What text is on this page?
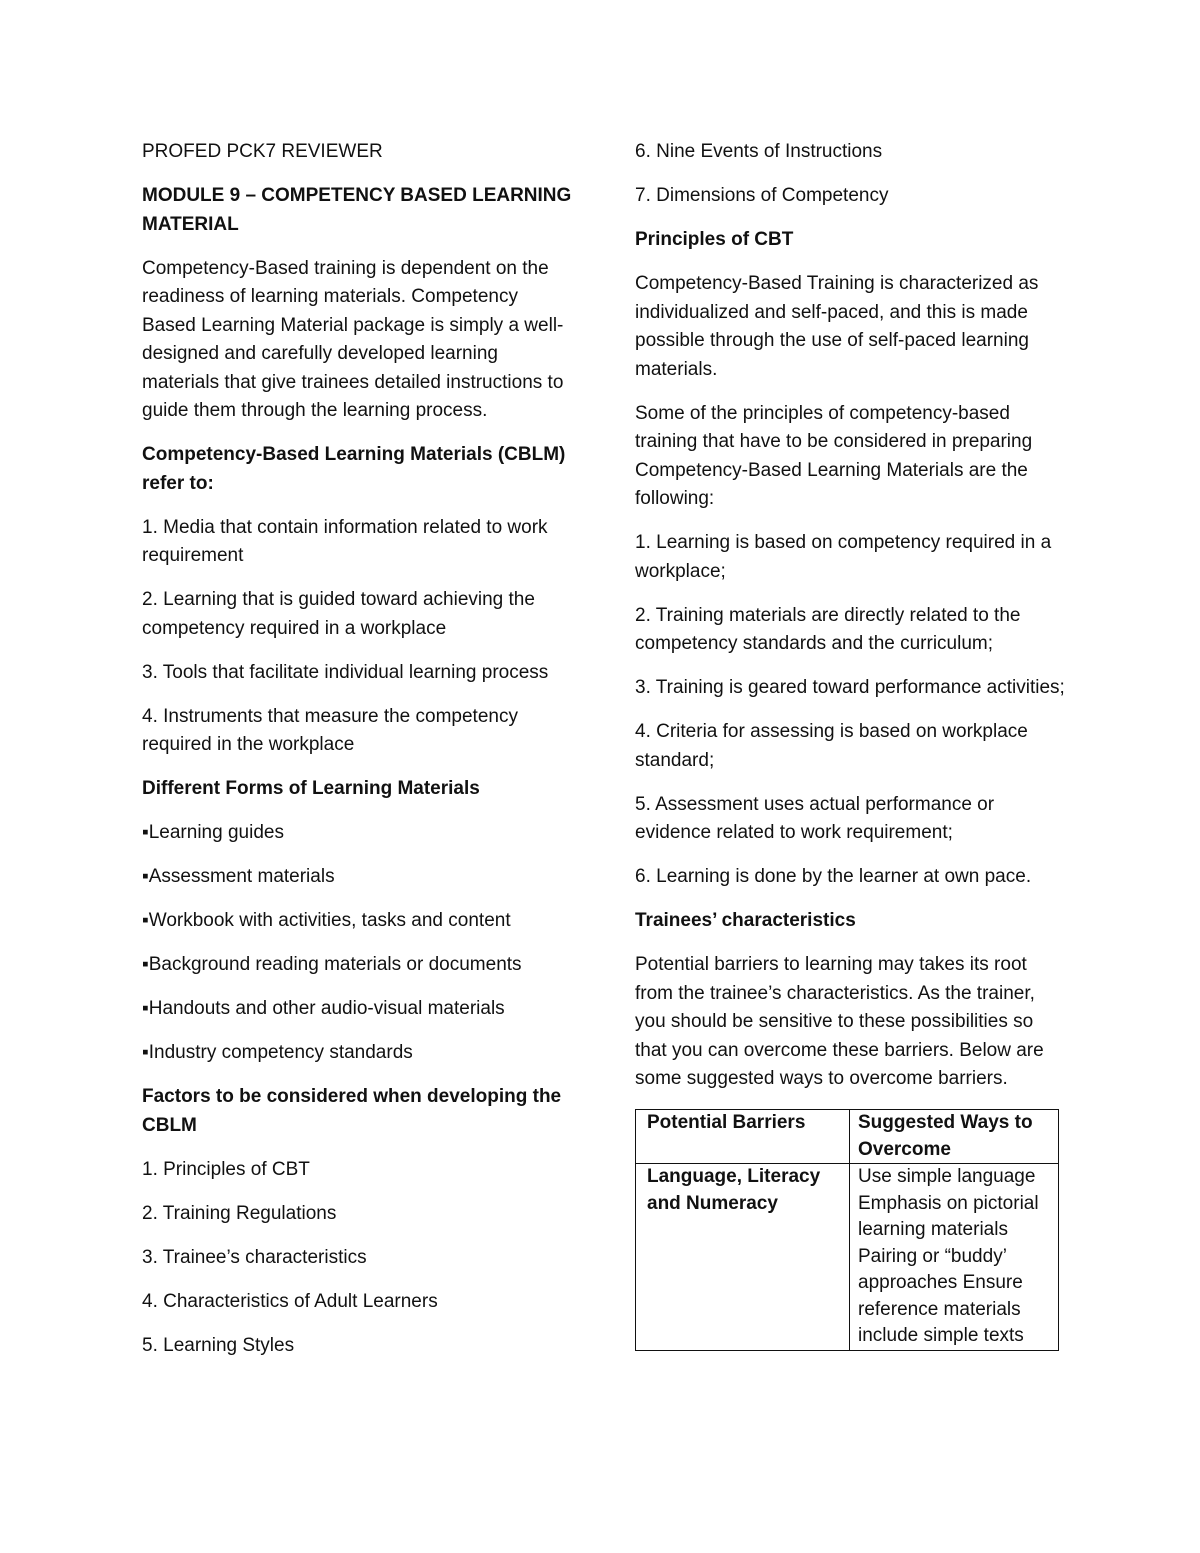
PROFED PCK7 REVIEWER

MODULE 9 – COMPETENCY BASED LEARNING MATERIAL

Competency-Based training is dependent on the readiness of learning materials. Competency Based Learning Material package is simply a well-designed and carefully developed learning materials that give trainees detailed instructions to guide them through the learning process.

Competency-Based Learning Materials (CBLM) refer to:

1. Media that contain information related to work requirement

2. Learning that is guided toward achieving the competency required in a workplace

3. Tools that facilitate individual learning process

4. Instruments that measure the competency required in the workplace

Different Forms of Learning Materials

▪Learning guides

▪Assessment materials

▪Workbook with activities, tasks and content

▪Background reading materials or documents

▪Handouts and other audio-visual materials

▪Industry competency standards

Factors to be considered when developing the CBLM

1. Principles of CBT

2. Training Regulations

3. Trainee’s characteristics

4. Characteristics of Adult Learners

5. Learning Styles

6. Nine Events of Instructions

7. Dimensions of Competency

Principles of CBT

Competency-Based Training is characterized as individualized and self-paced, and this is made possible through the use of self-paced learning materials.

Some of the principles of competency-based training that have to be considered in preparing Competency-Based Learning Materials are the following:

1. Learning is based on competency required in a workplace;

2. Training materials are directly related to the competency standards and the curriculum;

3. Training is geared toward performance activities;

4. Criteria for assessing is based on workplace standard;

5. Assessment uses actual performance or evidence related to work requirement;

6. Learning is done by the learner at own pace.

Trainees’ characteristics

Potential barriers to learning may takes its root from the trainee’s characteristics. As the trainer, you should be sensitive to these possibilities so that you can overcome these barriers. Below are some suggested ways to overcome barriers.

Potential Barriers	Suggested Ways to Overcome
Language, Literacy and Numeracy	Use simple language Emphasis on pictorial learning materials Pairing or “buddy’ approaches Ensure reference materials include simple texts
